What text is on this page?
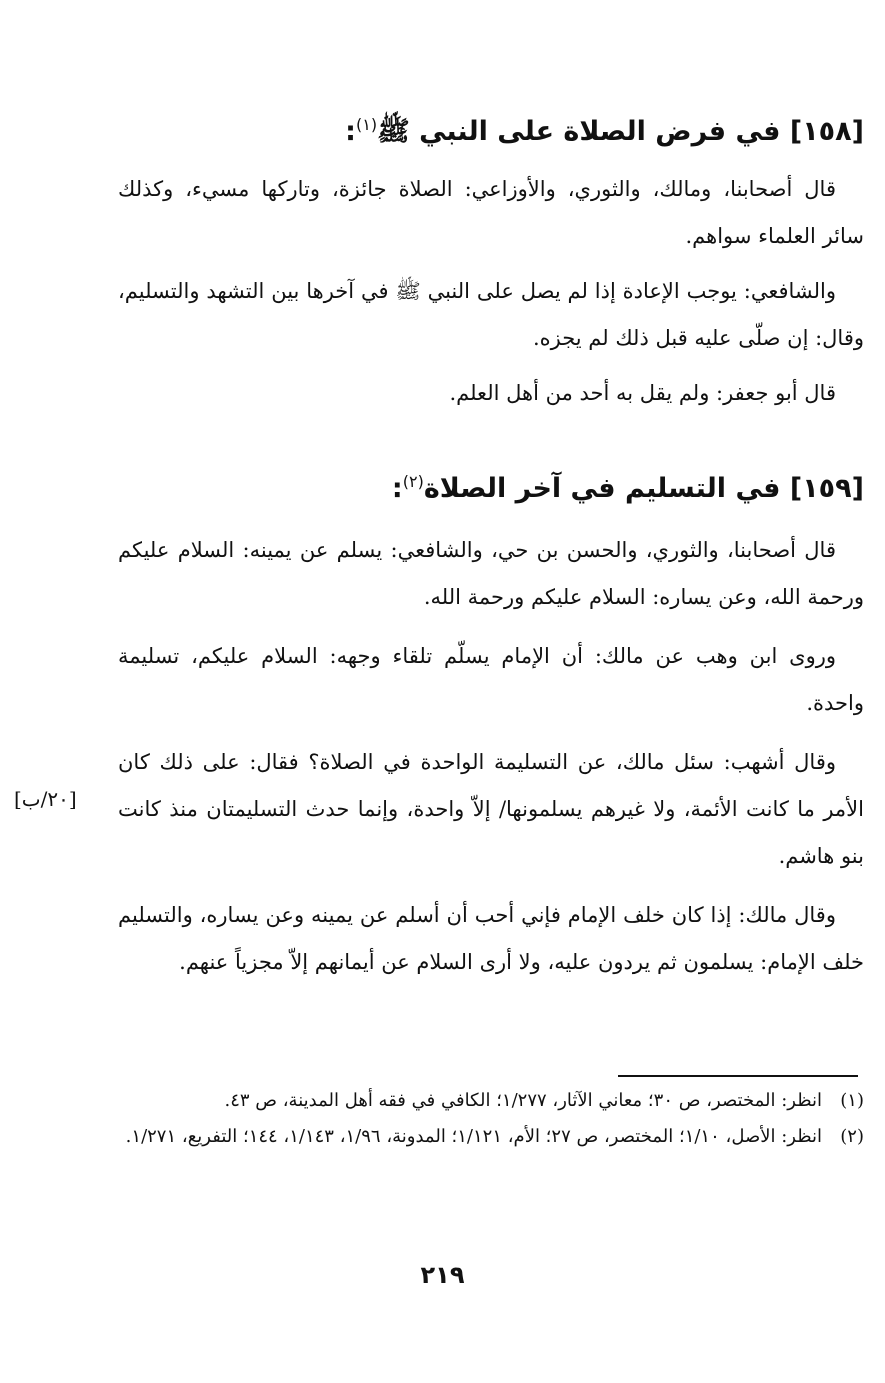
[١٥٨] في فرض الصلاة على النبي ﷺ$^{(١)}$:

قال أصحابنا، ومالك، والثوري، والأوزاعي: الصلاة جائزة، وتاركها مسيء، وكذلك سائر العلماء سواهم.

والشافعي: يوجب الإعادة إذا لم يصل على النبي ﷺ في آخرها بين التشهد والتسليم، وقال: إن صلّى عليه قبل ذلك لم يجزه.

قال أبو جعفر: ولم يقل به أحد من أهل العلم.

[١٥٩] في التسليم في آخر الصلاة$^{(٢)}$:

قال أصحابنا، والثوري، والحسن بن حي، والشافعي: يسلم عن يمينه: السلام عليكم ورحمة الله، وعن يساره: السلام عليكم ورحمة الله.

وروى ابن وهب عن مالك: أن الإمام يسلّم تلقاء وجهه: السلام عليكم، تسليمة واحدة.

وقال أشهب: سئل مالك، عن التسليمة الواحدة في الصلاة؟ فقال: على ذلك كان الأمر ما كانت الأئمة، ولا غيرهم يسلمونها/ إلاّ واحدة، وإنما حدث التسليمتان منذ كانت بنو هاشم.

وقال مالك: إذا كان خلف الإمام فإني أحب أن أسلم عن يمينه وعن يساره، والتسليم خلف الإمام: يسلمون ثم يردون عليه، ولا أرى السلام عن أيمانهم إلاّ مجزياً عنهم.

[٢٠/ب]
(١)
انظر: المختصر، ص ٣٠؛ معاني الآثار، ١/٢٧٧؛ الكافي في فقه أهل المدينة، ص ٤٣.
(٢)
انظر: الأصل، ١/١٠؛ المختصر، ص ٢٧؛ الأم، ١/١٢١؛ المدونة، ١/٩٦، ١/١٤٣، ١٤٤؛ التفريع، ١/٢٧١.
٢١٩
